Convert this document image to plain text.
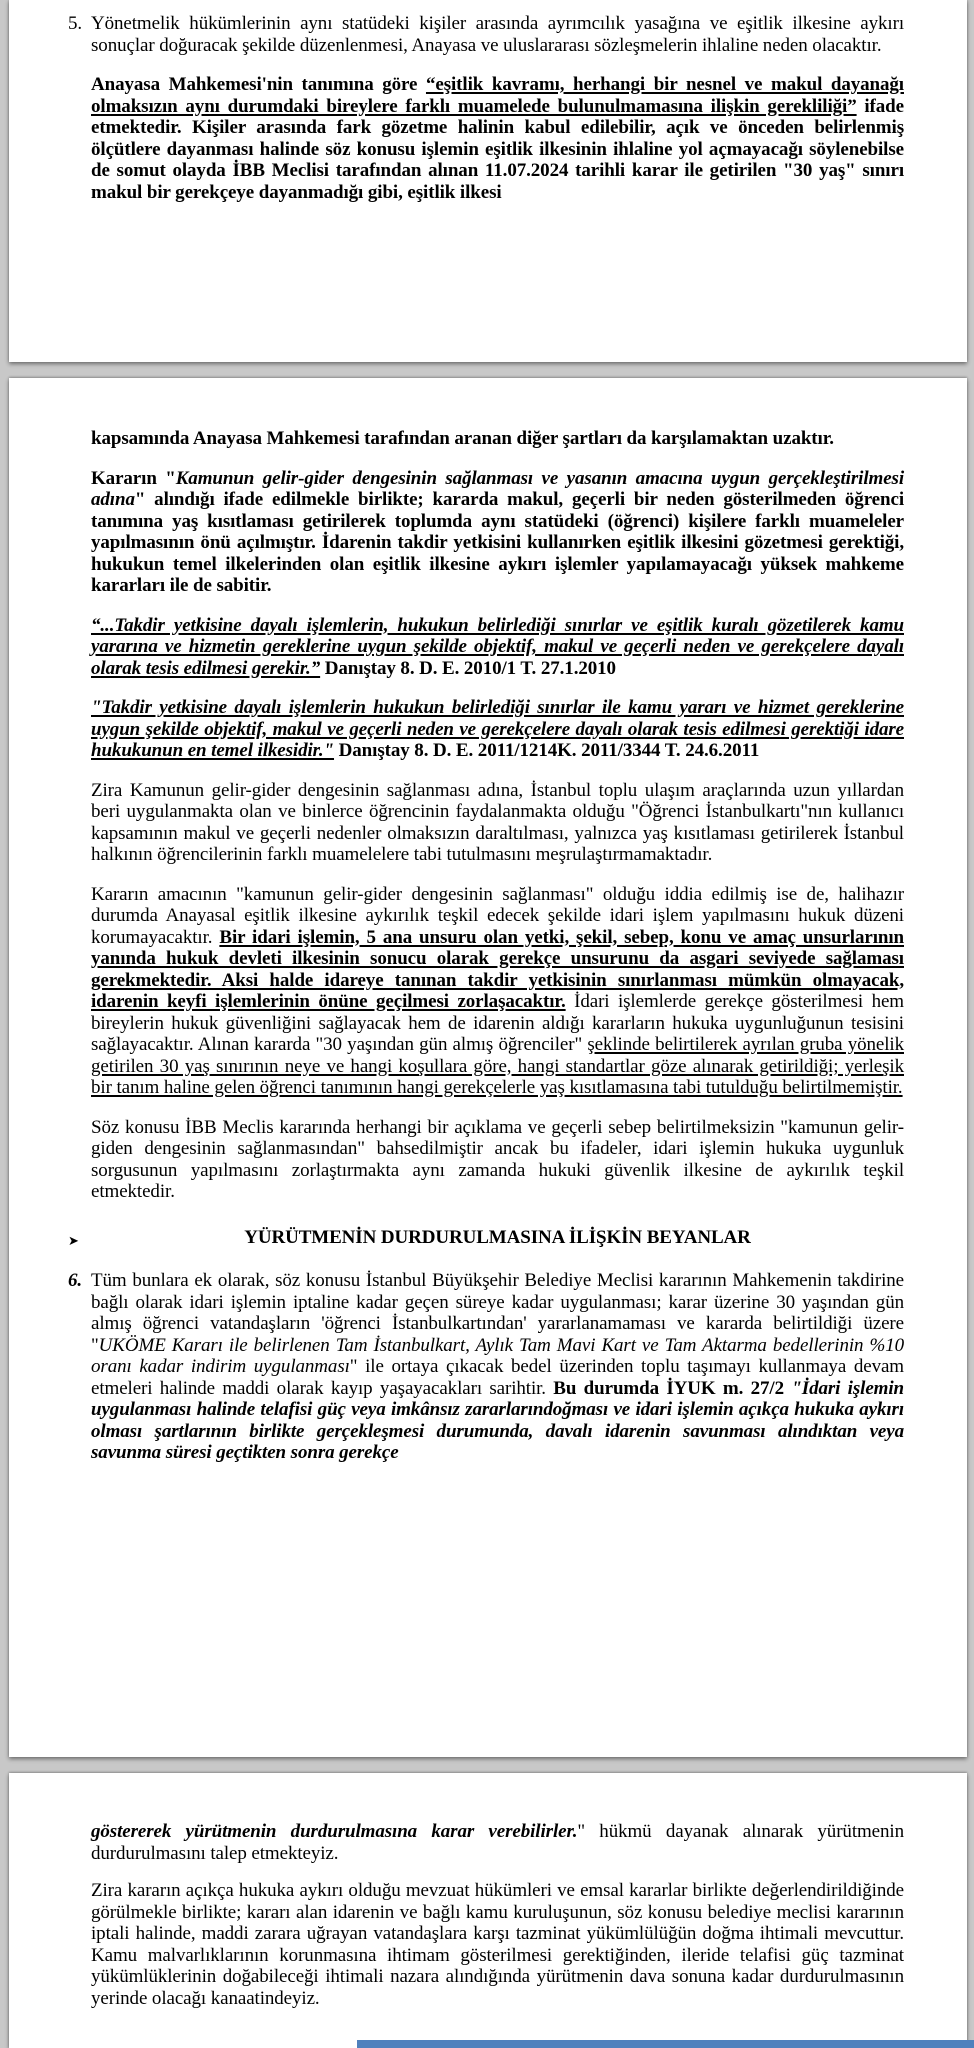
5. Yönetmelik hükümlerinin aynı statüdeki kişiler arasında ayrımcılık yasağına ve eşitlik ilkesine aykırı sonuçlar doğuracak şekilde düzenlenmesi, Anayasa ve uluslararası sözleşmelerin ihlaline neden olacaktır.
Anayasa Mahkemesi'nin tanımına göre “eşitlik kavramı, herhangi bir nesnel ve makul dayanağı olmaksızın aynı durumdaki bireylere farklı muamelede bulunulmamasına ilişkin gerekliliği” ifade etmektedir. Kişiler arasında fark gözetme halinin kabul edilebilir, açık ve önceden belirlenmiş ölçütlere dayanması halinde söz konusu işlemin eşitlik ilkesinin ihlaline yol açmayacağı söylenebilse de somut olayda İBB Meclisi tarafından alınan 11.07.2024 tarihli karar ile getirilen "30 yaş" sınırı makul bir gerekçeye dayanmadığı gibi, eşitlik ilkesi
kapsamında Anayasa Mahkemesi tarafından aranan diğer şartları da karşılamaktan uzaktır.
Kararın "Kamunun gelir-gider dengesinin sağlanması ve yasanın amacına uygun gerçekleştirilmesi adına" alındığı ifade edilmekle birlikte; kararda makul, geçerli bir neden gösterilmeden öğrenci tanımına yaş kısıtlaması getirilerek toplumda aynı statüdeki (öğrenci) kişilere farklı muameleler yapılmasının önü açılmıştır. İdarenin takdir yetkisini kullanırken eşitlik ilkesini gözetmesi gerektiği, hukukun temel ilkelerinden olan eşitlik ilkesine aykırı işlemler yapılamayacağı yüksek mahkeme kararları ile de sabitir.
“...Takdir yetkisine dayalı işlemlerin, hukukun belirlediği sınırlar ve eşitlik kuralı gözetilerek kamu yararına ve hizmetin gereklerine uygun şekilde objektif, makul ve geçerli neden ve gerekçelere dayalı olarak tesis edilmesi gerekir.” Danıştay 8. D. E. 2010/1 T. 27.1.2010
"Takdir yetkisine dayalı işlemlerin hukukun belirlediği sınırlar ile kamu yararı ve hizmet gereklerine uygun şekilde objektif, makul ve geçerli neden ve gerekçelere dayalı olarak tesis edilmesi gerektiği idare hukukunun en temel ilkesidir." Danıştay 8. D. E. 2011/1214K. 2011/3344 T. 24.6.2011
Zira Kamunun gelir-gider dengesinin sağlanması adına, İstanbul toplu ulaşım araçlarında uzun yıllardan beri uygulanmakta olan ve binlerce öğrencinin faydalanmakta olduğu "Öğrenci İstanbulkartı"nın kullanıcı kapsamının makul ve geçerli nedenler olmaksızın daraltılması, yalnızca yaş kısıtlaması getirilerek İstanbul halkının öğrencilerinin farklı muamelelere tabi tutulmasını meşrulaştırmamaktadır.
Kararın amacının "kamunun gelir-gider dengesinin sağlanması" olduğu iddia edilmiş ise de, halihazır durumda Anayasal eşitlik ilkesine aykırılık teşkil edecek şekilde idari işlem yapılmasını hukuk düzeni korumayacaktır. Bir idari işlemin, 5 ana unsuru olan yetki, şekil, sebep, konu ve amaç unsurlarının yanında hukuk devleti ilkesinin sonucu olarak gerekçe unsurunu da asgari seviyede sağlaması gerekmektedir. Aksi halde idareye tanınan takdir yetkisinin sınırlanması mümkün olmayacak, idarenin keyfi işlemlerinin önüne geçilmesi zorlaşacaktır. İdari işlemlerde gerekçe gösterilmesi hem bireylerin hukuk güvenliğini sağlayacak hem de idarenin aldığı kararların hukuka uygunluğunun tesisini sağlayacaktır. Alınan kararda "30 yaşından gün almış öğrenciler" şeklinde belirtilerek ayrılan gruba yönelik getirilen 30 yaş sınırının neye ve hangi koşullara göre, hangi standartlar göze alınarak getirildiği; yerleşik bir tanım haline gelen öğrenci tanımının hangi gerekçelerle yaş kısıtlamasına tabi tutulduğu belirtilmemiştir.
Söz konusu İBB Meclis kararında herhangi bir açıklama ve geçerli sebep belirtilmeksizin "kamunun gelir-giden dengesinin sağlanmasından" bahsedilmiştir ancak bu ifadeler, idari işlemin hukuka uygunluk sorgusunun yapılmasını zorlaştırmakta aynı zamanda hukuki güvenlik ilkesine de aykırılık teşkil etmektedir.
➤	YÜRÜTMENİN DURDURULMASINA İLİŞKİN BEYANLAR
6. Tüm bunlara ek olarak, söz konusu İstanbul Büyükşehir Belediye Meclisi kararının Mahkemenin takdirine bağlı olarak idari işlemin iptaline kadar geçen süreye kadar uygulanması; karar üzerine 30 yaşından gün almış öğrenci vatandaşların 'öğrenci İstanbulkartından' yararlanamaması ve kararda belirtildiği üzere "UKÖME Kararı ile belirlenen Tam İstanbulkart, Aylık Tam Mavi Kart ve Tam Aktarma bedellerinin %10 oranı kadar indirim uygulanması" ile ortaya çıkacak bedel üzerinden toplu taşımayı kullanmaya devam etmeleri halinde maddi olarak kayıp yaşayacakları sarihtir. Bu durumda İYUK m. 27/2 "İdari işlemin uygulanması halinde telafisi güç veya imkânsız zararlarındoğması ve idari işlemin açıkça hukuka aykırı olması şartlarının birlikte gerçekleşmesi durumunda, davalı idarenin savunması alındıktan veya savunma süresi geçtikten sonra gerekçe
göstererek yürütmenin durdurulmasına karar verebilirler." hükmü dayanak alınarak yürütmenin durdurulmasını talep etmekteyiz.
Zira kararın açıkça hukuka aykırı olduğu mevzuat hükümleri ve emsal kararlar birlikte değerlendirildiğinde görülmekle birlikte; kararı alan idarenin ve bağlı kamu kuruluşunun, söz konusu belediye meclisi kararının iptali halinde, maddi zarara uğrayan vatandaşlara karşı tazminat yükümlülüğün doğma ihtimali mevcuttur. Kamu malvarlıklarının korunmasına ihtimam gösterilmesi gerektiğinden, ileride telafisi güç tazminat yükümlüklerinin doğabileceği ihtimali nazara alındığında yürütmenin dava sonuna kadar durdurulmasının yerinde olacağı kanaatindeyiz.
